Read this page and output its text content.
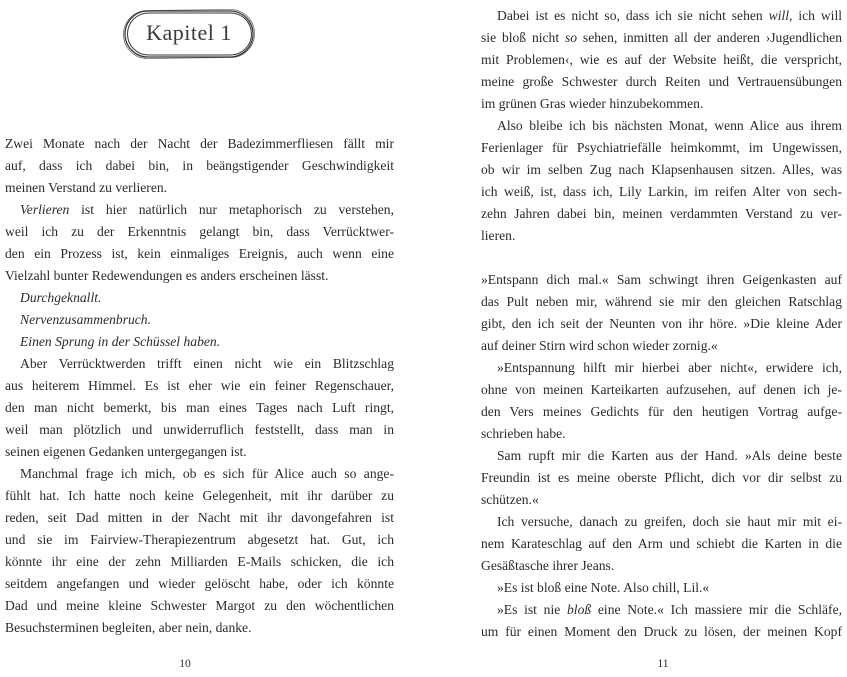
Kapitel 1

Zwei Monate nach der Nacht der Badezimmerfliesen fällt mir

auf, dass ich dabei bin, in beängstigender Geschwindigkeit

meinen Verstand zu verlieren.

Verlieren ist hier natürlich nur metaphorisch zu verstehen,

weil ich zu der Erkenntnis gelangt bin, dass Verrücktwer-

den ein Prozess ist, kein einmaliges Ereignis, auch wenn eine

Vielzahl bunter Redewendungen es anders erscheinen lässt.

Durchgeknallt.

Nervenzusammenbruch.

Einen Sprung in der Schüssel haben.

Aber Verrücktwerden trifft einen nicht wie ein Blitzschlag

aus heiterem Himmel. Es ist eher wie ein feiner Regenschauer,

den man nicht bemerkt, bis man eines Tages nach Luft ringt,

weil man plötzlich und unwiderruflich feststellt, dass man in

seinen eigenen Gedanken untergegangen ist.

Manchmal frage ich mich, ob es sich für Alice auch so ange-

fühlt hat. Ich hatte noch keine Gelegenheit, mit ihr darüber zu

reden, seit Dad mitten in der Nacht mit ihr davongefahren ist

und sie im Fairview-Therapiezentrum abgesetzt hat. Gut, ich

könnte ihr eine der zehn Milliarden E-Mails schicken, die ich

seitdem angefangen und wieder gelöscht habe, oder ich könnte

Dad und meine kleine Schwester Margot zu den wöchentlichen

Besuchsterminen begleiten, aber nein, danke.

10

Dabei ist es nicht so, dass ich sie nicht sehen will, ich will

sie bloß nicht so sehen, inmitten all der anderen ›Jugendlichen

mit Problemen‹, wie es auf der Website heißt, die verspricht,

meine große Schwester durch Reiten und Vertrauensübungen

im grünen Gras wieder hinzubekommen.

Also bleibe ich bis nächsten Monat, wenn Alice aus ihrem

Ferienlager für Psychiatriefälle heimkommt, im Ungewissen,

ob wir im selben Zug nach Klapsenhausen sitzen. Alles, was

ich weiß, ist, dass ich, Lily Larkin, im reifen Alter von sech-

zehn Jahren dabei bin, meinen verdammten Verstand zu ver-

lieren.

»Entspann dich mal.« Sam schwingt ihren Geigenkasten auf

das Pult neben mir, während sie mir den gleichen Ratschlag

gibt, den ich seit der Neunten von ihr höre. »Die kleine Ader

auf deiner Stirn wird schon wieder zornig.«

»Entspannung hilft mir hierbei aber nicht«, erwidere ich,

ohne von meinen Karteikarten aufzusehen, auf denen ich je-

den Vers meines Gedichts für den heutigen Vortrag aufge-

schrieben habe.

Sam rupft mir die Karten aus der Hand. »Als deine beste

Freundin ist es meine oberste Pflicht, dich vor dir selbst zu

schützen.«

Ich versuche, danach zu greifen, doch sie haut mir mit ei-

nem Karateschlag auf den Arm und schiebt die Karten in die

Gesäßtasche ihrer Jeans.

»Es ist bloß eine Note. Also chill, Lil.«

»Es ist nie bloß eine Note.« Ich massiere mir die Schläfe,

um für einen Moment den Druck zu lösen, der meinen Kopf

11
